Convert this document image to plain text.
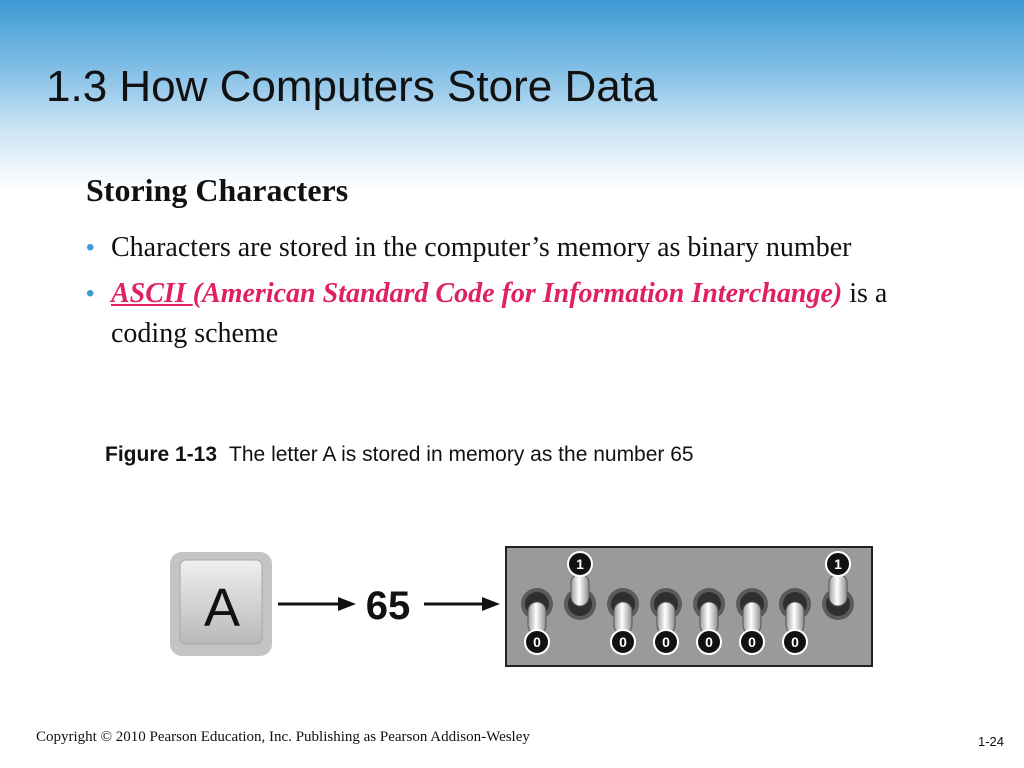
1.3 How Computers Store Data
Storing Characters
• Characters are stored in the computer’s memory as binary number
• ASCII (American Standard Code for Information Interchange) is a coding scheme

Figure 1-13 The letter A is stored in memory as the number 65

A	65
0
1
0	0	0	0	0
1

Copyright © 2010 Pearson Education, Inc. Publishing as Pearson Addison-Wesley	1-24
